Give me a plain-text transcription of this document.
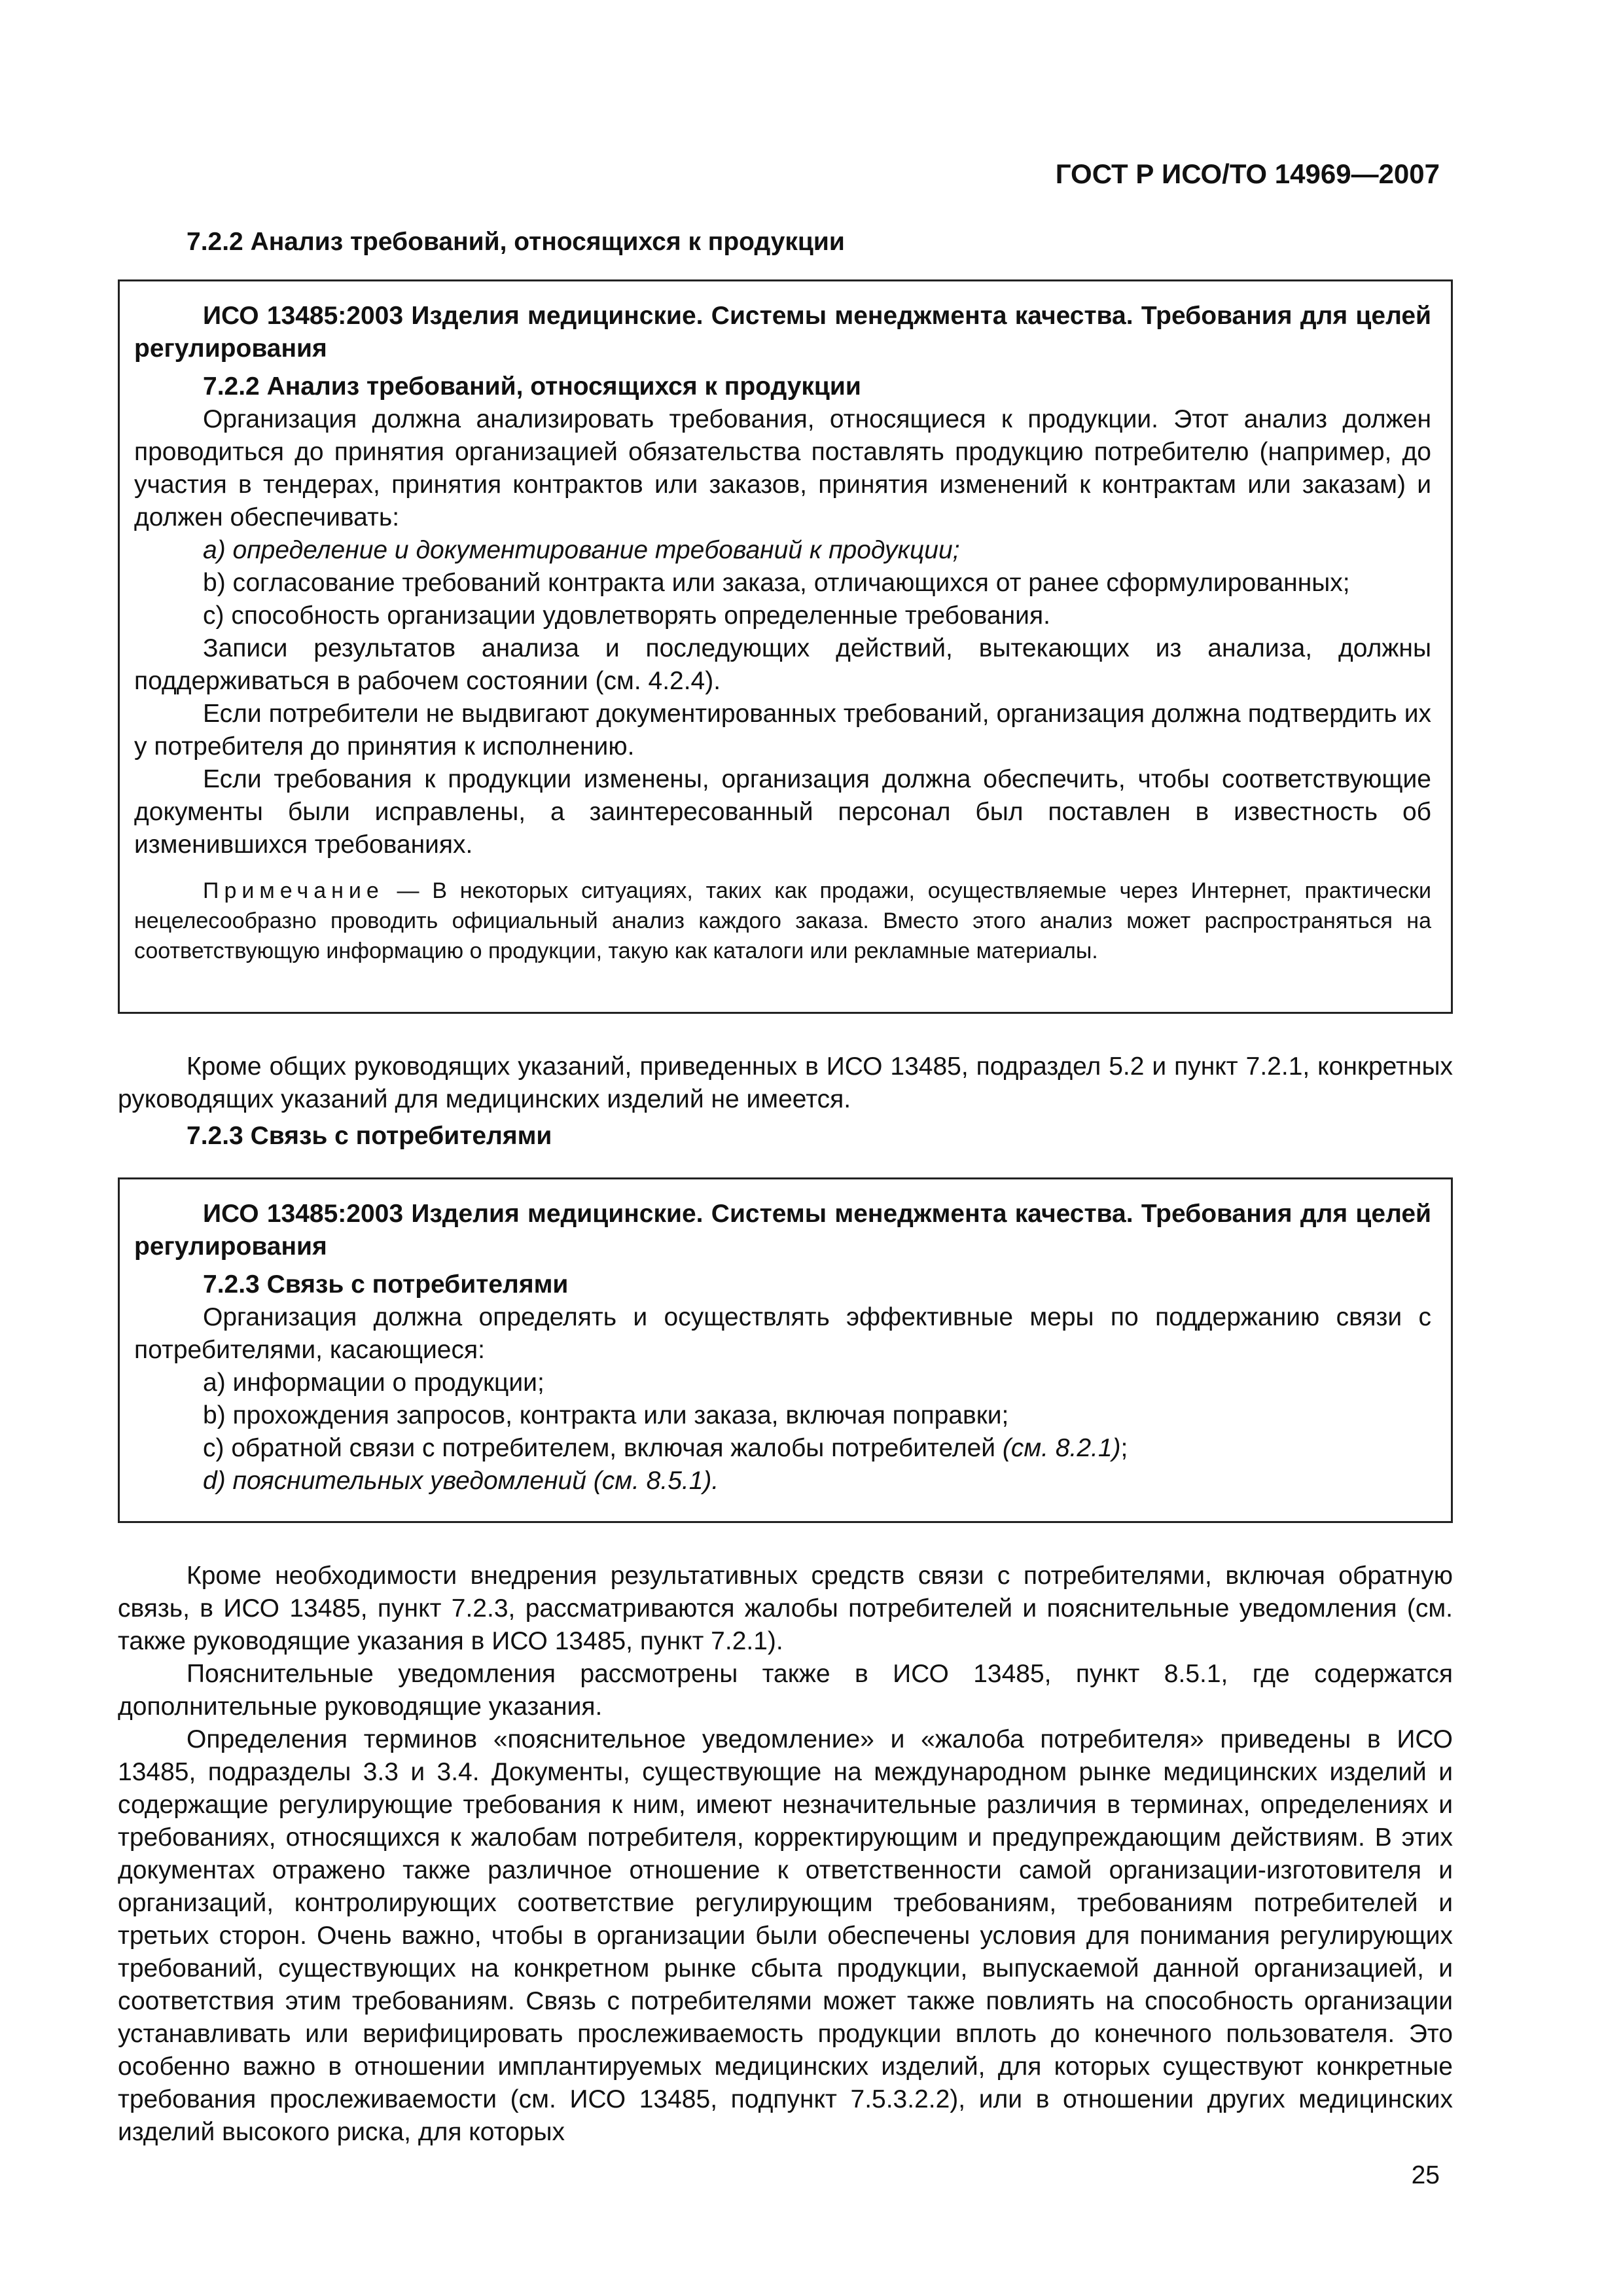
ГОСТ Р ИСО/ТО 14969—2007

7.2.2 Анализ требований, относящихся к продукции

ИСО 13485:2003 Изделия медицинские. Системы менеджмента качества. Требования для целей регулирования

7.2.2 Анализ требований, относящихся к продукции

Организация должна анализировать требования, относящиеся к продукции. Этот анализ должен проводиться до принятия организацией обязательства поставлять продукцию потребителю (например, до участия в тендерах, принятия контрактов или заказов, принятия изменений к контрактам или заказам) и должен обеспечивать:

а) определение и документирование требований к продукции;

b) согласование требований контракта или заказа, отличающихся от ранее сформулированных;

c) способность организации удовлетворять определенные требования.

Записи результатов анализа и последующих действий, вытекающих из анализа, должны поддерживаться в рабочем состоянии (см. 4.2.4).

Если потребители не выдвигают документированных требований, организация должна подтвердить их у потребителя до принятия к исполнению.

Если требования к продукции изменены, организация должна обеспечить, чтобы соответствующие документы были исправлены, а заинтересованный персонал был поставлен в известность об изменившихся требованиях.

Примечание — В некоторых ситуациях, таких как продажи, осуществляемые через Интернет, практически нецелесообразно проводить официальный анализ каждого заказа. Вместо этого анализ может распространяться на соответствующую информацию о продукции, такую как каталоги или рекламные материалы.

Кроме общих руководящих указаний, приведенных в ИСО 13485, подраздел 5.2 и пункт 7.2.1, конкретных руководящих указаний для медицинских изделий не имеется.

7.2.3 Связь с потребителями

ИСО 13485:2003 Изделия медицинские. Системы менеджмента качества. Требования для целей регулирования

7.2.3 Связь с потребителями

Организация должна определять и осуществлять эффективные меры по поддержанию связи с потребителями, касающиеся:

а) информации о продукции;

b) прохождения запросов, контракта или заказа, включая поправки;

c) обратной связи с потребителем, включая жалобы потребителей (см. 8.2.1);

d) пояснительных уведомлений (см. 8.5.1).

Кроме необходимости внедрения результативных средств связи с потребителями, включая обратную связь, в ИСО 13485, пункт 7.2.3, рассматриваются жалобы потребителей и пояснительные уведомления (см. также руководящие указания в ИСО 13485, пункт 7.2.1).

Пояснительные уведомления рассмотрены также в ИСО 13485, пункт 8.5.1, где содержатся дополнительные руководящие указания.

Определения терминов «пояснительное уведомление» и «жалоба потребителя» приведены в ИСО 13485, подразделы 3.3 и 3.4. Документы, существующие на международном рынке медицинских изделий и содержащие регулирующие требования к ним, имеют незначительные различия в терминах, определениях и требованиях, относящихся к жалобам потребителя, корректирующим и предупреждающим действиям. В этих документах отражено также различное отношение к ответственности самой организации-изготовителя и организаций, контролирующих соответствие регулирующим требованиям, требованиям потребителей и третьих сторон. Очень важно, чтобы в организации были обеспечены условия для понимания регулирующих требований, существующих на конкретном рынке сбыта продукции, выпускаемой данной организацией, и соответствия этим требованиям. Связь с потребителями может также повлиять на способность организации устанавливать или верифицировать прослеживаемость продукции вплоть до конечного пользователя. Это особенно важно в отношении имплантируемых медицинских изделий, для которых существуют конкретные требования прослеживаемости (см. ИСО 13485, подпункт 7.5.3.2.2), или в отношении других медицинских изделий высокого риска, для которых

25
